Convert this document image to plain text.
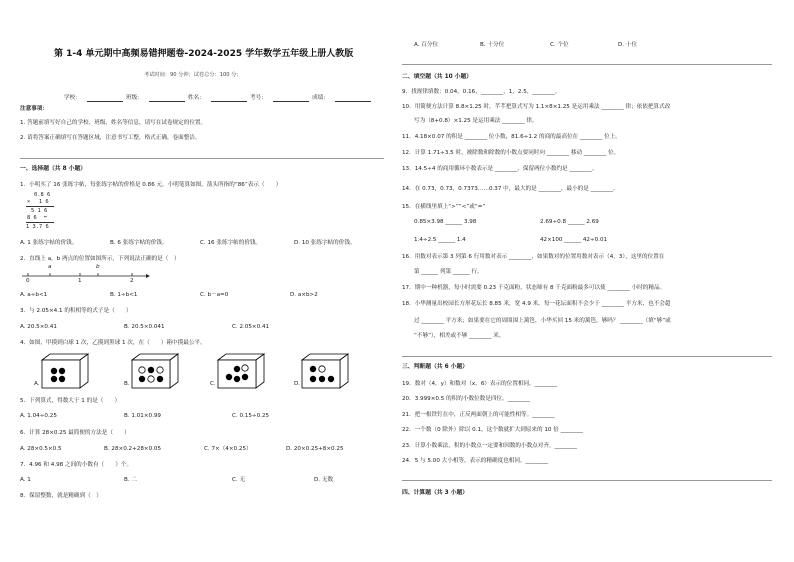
第 1-4 单元期中高频易错押题卷-2024-2025 学年数学五年级上册人教版
考试时间：90 分钟；试卷总分：100 分；
学校：	班级：	姓名：	考号：	成绩：
注意事项：
1. 答题前填写好自己的学校、班级、姓名等信息，请写在试卷规定的位置。
2. 请将答案正确填写在答题区域，注意书写工整，格式正确，卷面整洁。
一、选择题（共 8 小题）
1．小明买了 16 张练字帖，每张练字帖的价格是 0.86 元。小明笔算如图，箭头所指的“86”表示（　　）
0.8 6
×　 1 6
5 1 6
8 6 ←
1 3.7 6
A. 1 张练字帖的价钱。	B. 6 张练字帖的价钱。	C. 16 张练字帖的价钱。	D. 10 张练字帖的价钱。
2．直线上 a，b 两点的位置如图所示，下列说法正确的是（　）
0
a
1
b
2
A. a÷b<1	B. 1÷b<1	C. b－a=0	D. a×b>2
3．与 2.05×4.1 的积相等的式子是（　　）
A. 20.5×0.41	B. 20.5×0.041	C. 2.05×0.41
4．如图，甲摸到白球 1 次，乙摸到黑球 1 次，在（　　）箱中摸最公平。
A.	B.	C.	D.
5．下列算式，得数大于 1 的是（　　）
A. 1.04÷0.25	B. 1.01×0.99	C. 0.15÷0.25
6．计算 28×0.25 最简便的方法是（　　）
A. 28×0.5×0.5	B. 28×0.2+28×0.05	C. 7×（4×0.25）	D. 20×0.25+8×0.25
7．4.96 和 4.98 之间的小数有（　　）个。
A. 1	B. 二	C. 无	D. 无数
8．保留整数，就是精确到（　）
A. 百分位	B. 十分位	C. 个位	D. 十位
二、填空题（共 10 小题）
9．找规律填数：0.04，0.16，________，1，2.5，________。
10．用简便方法计算 8.8×1.25 时，芊芊把算式写为 1.1×8×1.25 是运用乘法 ________ 律；依依把算式改
写为（8+0.8）×1.25 是运用乘法 ________ 律。
11．4.18×0.07 的积是 ________ 位小数，81.6÷1.2 的商的最高位在 ________ 位上。
12．计算 1.71÷3.5 时，被除数和除数的小数点要同时向 ________ 移动 ________ 位。
13．14.5÷4 的商用循环小数表示是 ________，保留两位小数约是 ________。
14．在 0.73，0.73，0.7373……0.37 中，最大的是 ________，最小的是 ________。
15．在横线里填上“>”“<”或“=”
0.85×3.98 ______ 3.98	2.69÷0.8 ______ 2.69
1.4÷2.5 ______ 1.4	42×100 ______ 42÷0.01
16．用数对表示第 3 列第 6 行用数对表示 ________，如果数对的位置用数对表示（4，3），这里的位置在
第 ______ 列第 ______ 行。
17．期中一种机器，每小时需要 0.23 千克面粉，状态师有 8 千克面粉最多可以使 ________ 小时的精品。
18．小华测量出校园长方形花坛长 8.85 米，宽 4.9 米。每一花坛面积不会少于 ________ 平方米，也不会超
过 ________ 平方米；如果要在它的周围围上篱笆，小华买回 15 米的篱笆，够吗？ ________（填“够”或
“不够”），相差或不够 ________ 米。
三、判断题（共 6 小题）
19．数对（4，y）和数对（x，6）表示的位置相同。________
20．3.999×0.5 的积的小数位数是四位。________
21．把一根铁钉在中，正反两面朝上的可能性相等。________
22．一个数（0 除外）除以 0.1，这个数就扩大到原来的 10 倍 ________
23．计算小数乘法，积的小数点一定要和因数的小数点对齐。________
24．5 与 5.00 大小相等，表示的精确度也相同。________
四、计算题（共 3 小题）
